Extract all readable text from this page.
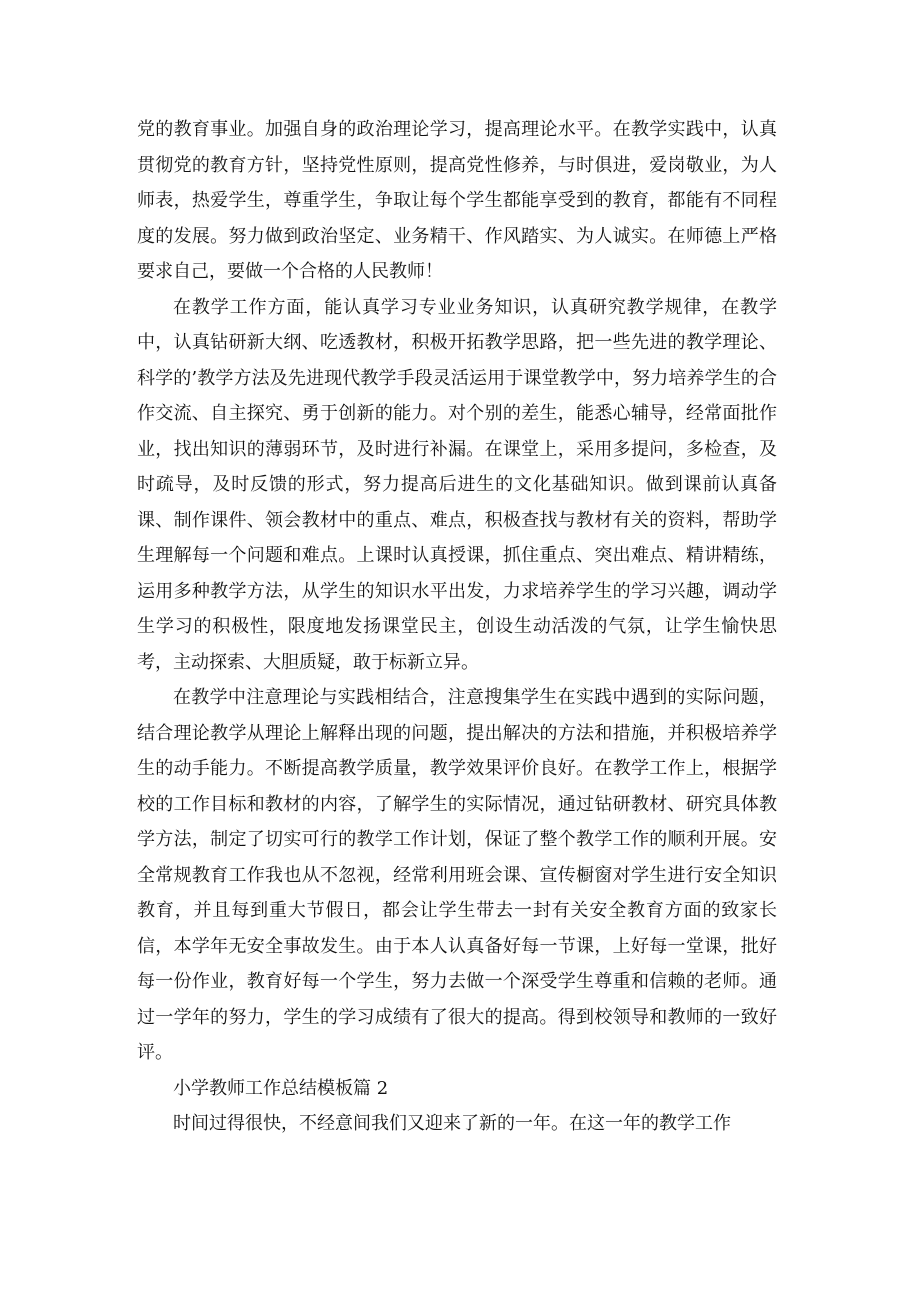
党的教育事业。加强自身的政治理论学习，提高理论水平。在教学实践中，认真贯彻党的教育方针，坚持党性原则，提高党性修养，与时俱进，爱岗敬业，为人师表，热爱学生，尊重学生，争取让每个学生都能享受到的教育，都能有不同程度的发展。努力做到政治坚定、业务精干、作风踏实、为人诚实。在师德上严格要求自己，要做一个合格的人民教师！

在教学工作方面，能认真学习专业业务知识，认真研究教学规律，在教学中，认真钻研新大纲、吃透教材，积极开拓教学思路，把一些先进的教学理论、科学的’教学方法及先进现代教学手段灵活运用于课堂教学中，努力培养学生的合作交流、自主探究、勇于创新的能力。对个别的差生，能悉心辅导，经常面批作业，找出知识的薄弱环节，及时进行补漏。在课堂上，采用多提问，多检查，及时疏导，及时反馈的形式，努力提高后进生的文化基础知识。做到课前认真备课、制作课件、领会教材中的重点、难点，积极查找与教材有关的资料，帮助学生理解每一个问题和难点。上课时认真授课，抓住重点、突出难点、精讲精练，运用多种教学方法，从学生的知识水平出发，力求培养学生的学习兴趣，调动学生学习的积极性，限度地发扬课堂民主，创设生动活泼的气氛，让学生愉快思考，主动探索、大胆质疑，敢于标新立异。

在教学中注意理论与实践相结合，注意搜集学生在实践中遇到的实际问题，结合理论教学从理论上解释出现的问题，提出解决的方法和措施，并积极培养学生的动手能力。不断提高教学质量，教学效果评价良好。在教学工作上，根据学校的工作目标和教材的内容，了解学生的实际情况，通过钻研教材、研究具体教学方法，制定了切实可行的教学工作计划，保证了整个教学工作的顺利开展。安全常规教育工作我也从不忽视，经常利用班会课、宣传橱窗对学生进行安全知识教育，并且每到重大节假日，都会让学生带去一封有关安全教育方面的致家长信，本学年无安全事故发生。由于本人认真备好每一节课，上好每一堂课，批好每一份作业，教育好每一个学生，努力去做一个深受学生尊重和信赖的老师。通过一学年的努力，学生的学习成绩有了很大的提高。得到校领导和教师的一致好评。

小学教师工作总结模板篇 2

时间过得很快，不经意间我们又迎来了新的一年。在这一年的教学工作
